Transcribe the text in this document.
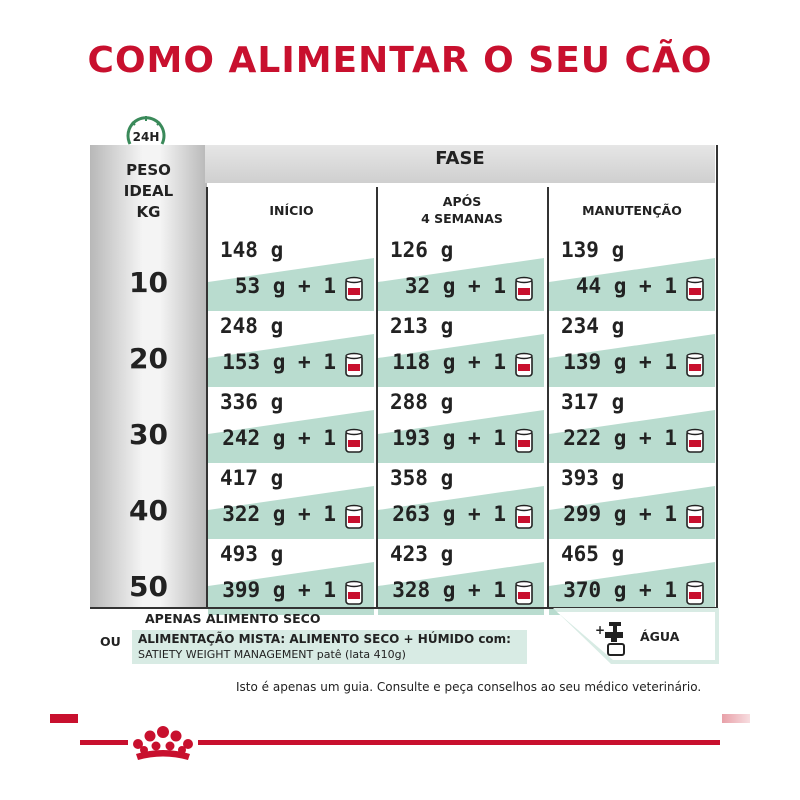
COMO ALIMENTAR O SEU CÃO
24H
FASE
PESO
IDEAL
KG	INÍCIO
APÓS
4 SEMANAS
MANUTENÇÃO
10
148 g
53 g + 1
126 g
32 g + 1
139 g
44 g + 1
20
248 g
153 g + 1
213 g
118 g + 1
234 g
139 g + 1
30
336 g
242 g + 1
288 g
193 g + 1
317 g
222 g + 1
40
417 g
322 g + 1
358 g
263 g + 1
393 g
299 g + 1
50
493 g
399 g + 1
423 g
328 g + 1
465 g
370 g + 1
APENAS ALIMENTO SECO
OU ALIMENTAÇÃO MISTA: ALIMENTO SECO + HÚMIDO com:
SATIETY WEIGHT MANAGEMENT patê (lata 410g)
+	ÁGUA
Isto é apenas um guia. Consulte e peça conselhos ao seu médico veterinário.
